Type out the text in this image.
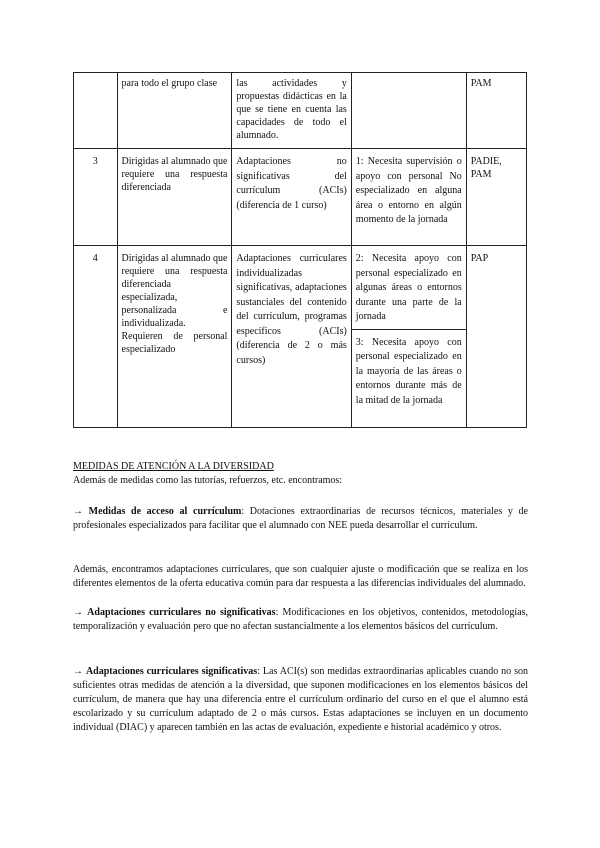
	para todo el grupo clase	las actividades y propuestas didácticas en la que se tiene en cuenta las capacidades de todo el alumnado.		PAM
3	Dirigidas al alumnado que requiere una respuesta diferenciada	Adaptaciones no significativas del currículum (ACIs) (diferencia de 1 curso)	1: Necesita supervisión o apoyo con personal No especializado en alguna área o entorno en algún momento de la jornada	PADIE, PAM
4	Dirigidas al alumnado que requiere una respuesta diferenciada especializada, personalizada e individualizada. Requieren de personal especializado	Adaptaciones curriculares individualizadas significativas, adaptaciones sustanciales del contenido del currículum, programas específicos (ACIs) (diferencia de 2 o más cursos)	2: Necesita apoyo con personal especializado en algunas áreas o entornos durante una parte de la jornada	PAP
			3: Necesita apoyo con personal especializado en la mayoría de las áreas o entornos durante más de la mitad de la jornada	

MEDIDAS DE ATENCIÓN A LA DIVERSIDAD

Además de medidas como las tutorías, refuerzos, etc. encontramos:

→ Medidas de acceso al currículum: Dotaciones extraordinarias de recursos técnicos, materiales y de profesionales especializados para facilitar que el alumnado con NEE pueda desarrollar el currículum.

Además, encontramos adaptaciones curriculares, que son cualquier ajuste o modificación que se realiza en los diferentes elementos de la oferta educativa común para dar respuesta a las diferencias individuales del alumnado.

→ Adaptaciones curriculares no significativas: Modificaciones en los objetivos, contenidos, metodologías, temporalización y evaluación pero que no afectan sustancialmente a los elementos básicos del currículum.

→ Adaptaciones curriculares significativas: Las ACI(s) son medidas extraordinarias aplicables cuando no son suficientes otras medidas de atención a la diversidad, que suponen modificaciones en los elementos básicos del currículum, de manera que hay una diferencia entre el currículum ordinario del curso en el que el alumno está escolarizado y su currículum adaptado de 2 o más cursos. Estas adaptaciones se incluyen en un documento individual (DIAC) y aparecen también en las actas de evaluación, expediente e historial académico y otros.
